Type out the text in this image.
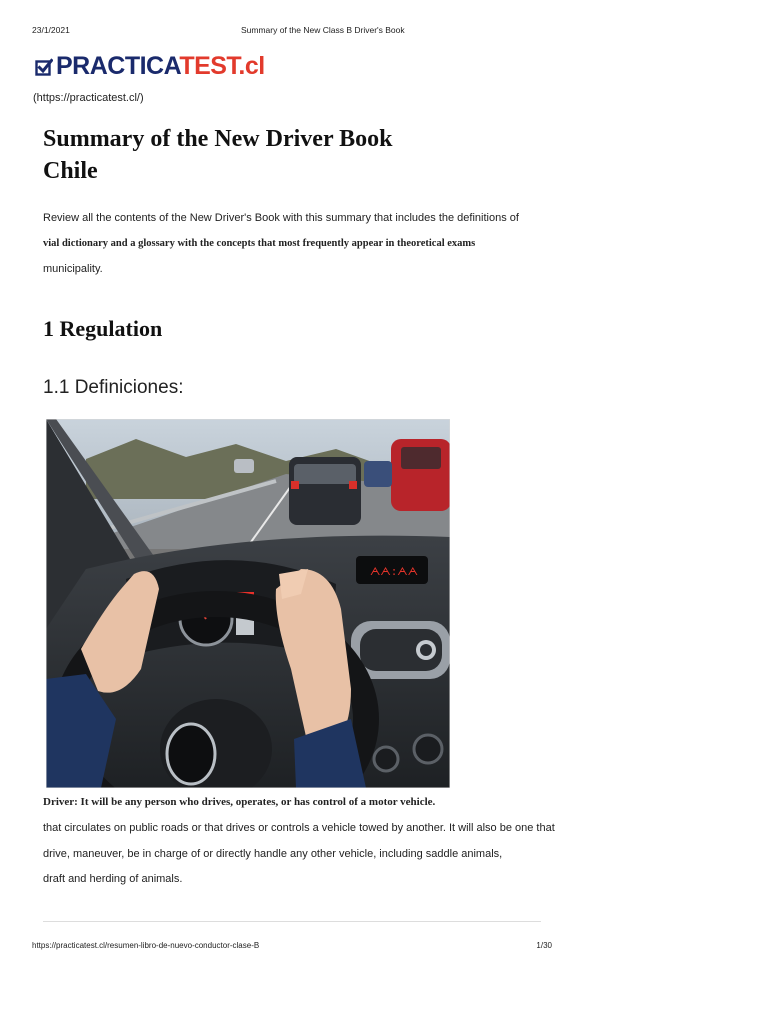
23/1/2021	Summary of the New Class B Driver's Book
PRACTICATEST.cl
(https://practicatest.cl/)
Summary of the New Driver Book Chile
Review all the contents of the New Driver's Book with this summary that includes the definitions of
vial dictionary and a glossary with the concepts that most frequently appear in theoretical exams
municipality.
1 Regulation
1.1 Definiciones:
ᗅᗅ:ᗅᗅ
Driver: It will be any person who drives, operates, or has control of a motor vehicle.
that circulates on public roads or that drives or controls a vehicle towed by another. It will also be one that
drive, maneuver, be in charge of or directly handle any other vehicle, including saddle animals,
draft and herding of animals.
https://practicatest.cl/resumen-libro-de-nuevo-conductor-clase-B	1/30
